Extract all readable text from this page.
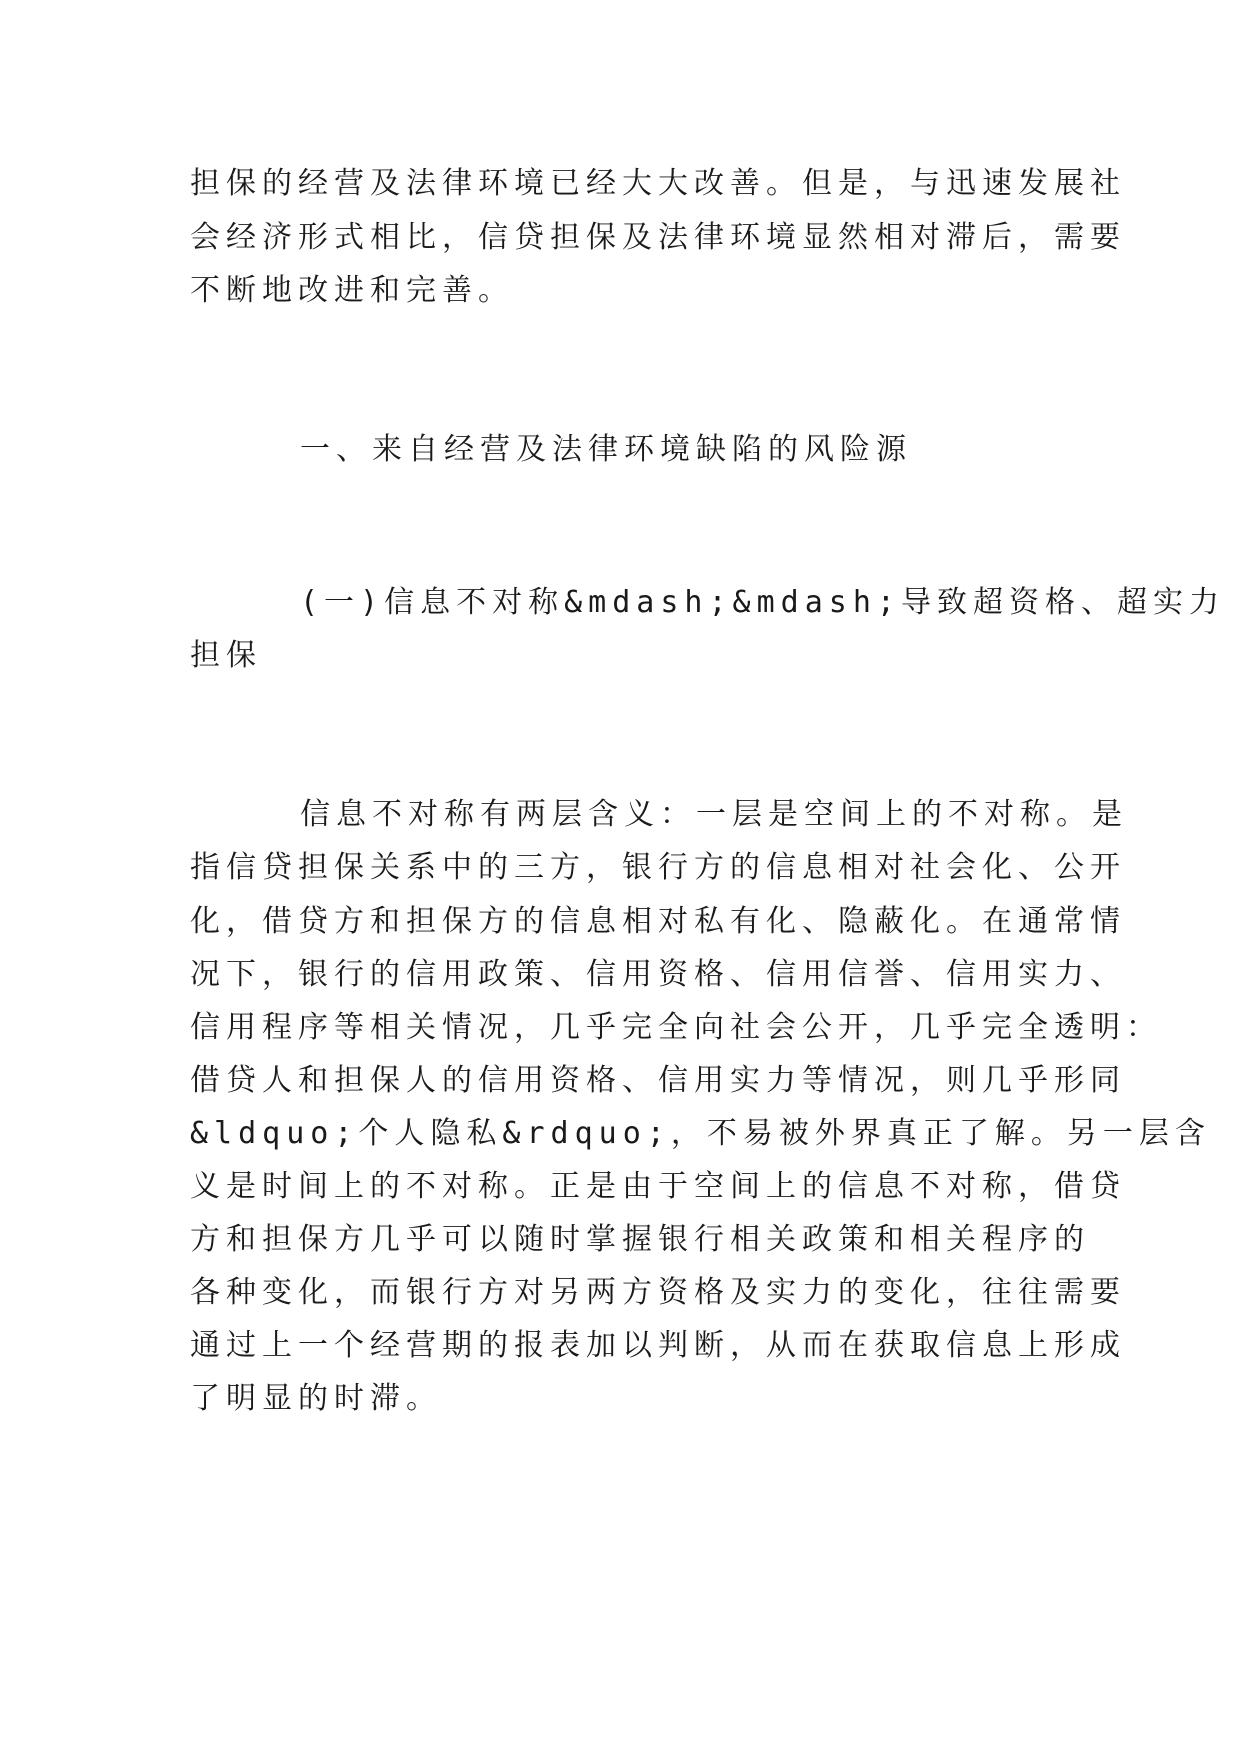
担保的经营及法律环境已经大大改善。但是，与迅速发展社
会经济形式相比，信贷担保及法律环境显然相对滞后，需要
不断地改进和完善。
一、来自经营及法律环境缺陷的风险源
(一)信息不对称&mdash;&mdash;导致超资格、超实力
担保
信息不对称有两层含义：一层是空间上的不对称。是
指信贷担保关系中的三方，银行方的信息相对社会化、公开
化，借贷方和担保方的信息相对私有化、隐蔽化。在通常情
况下，银行的信用政策、信用资格、信用信誉、信用实力、
信用程序等相关情况，几乎完全向社会公开，几乎完全透明：
借贷人和担保人的信用资格、信用实力等情况，则几乎形同
&ldquo;个人隐私&rdquo;，不易被外界真正了解。另一层含
义是时间上的不对称。正是由于空间上的信息不对称，借贷
方和担保方几乎可以随时掌握银行相关政策和相关程序的
各种变化，而银行方对另两方资格及实力的变化，往往需要
通过上一个经营期的报表加以判断，从而在获取信息上形成
了明显的时滞。
